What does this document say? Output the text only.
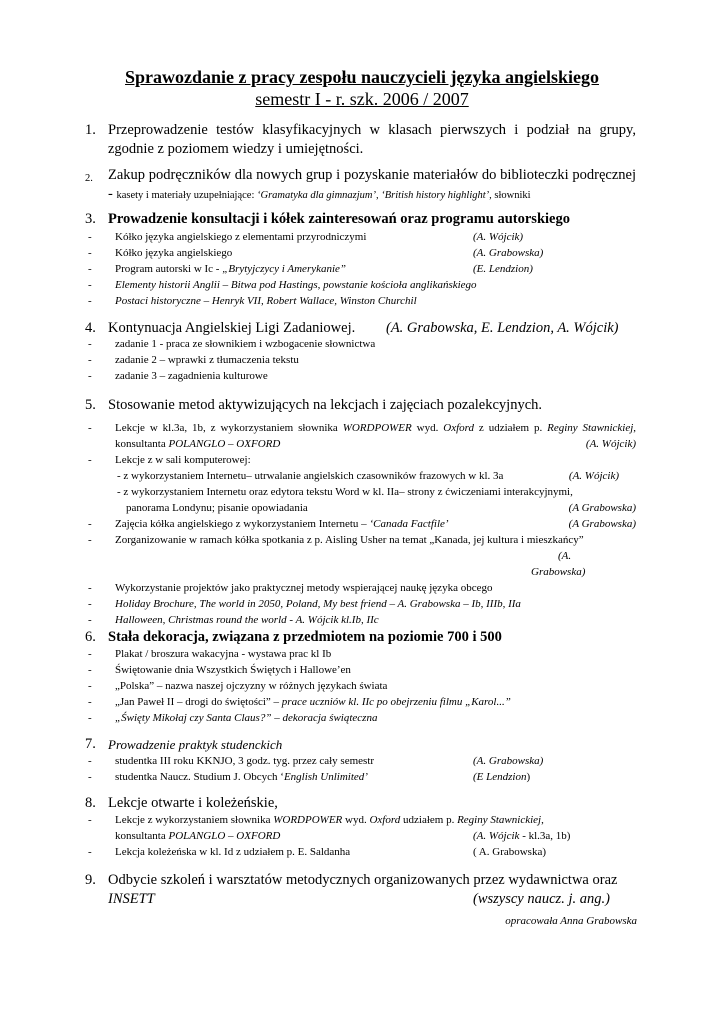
Sprawozdanie z pracy zespołu nauczycieli języka angielskiego
semestr I - r. szk. 2006 / 2007
1. Przeprowadzenie testów klasyfikacyjnych w klasach pierwszych i podział na grupy, zgodnie z poziomem wiedzy i umiejętności.
2. Zakup podręczników dla nowych grup i pozyskanie materiałów do biblioteczki podręcznej - kasety i materiały uzupełniające: ‘Gramatyka dla gimnazjum’, ‘British history highlight’, słowniki
3. Prowadzenie konsultacji i kółek zainteresowań oraz programu autorskiego
- Kółko języka angielskiego z elementami przyrodniczymi	(A. Wójcik)
- Kółko języka angielskiego	(A. Grabowska)
- Program autorski w Ic - „Brytyjczycy i Amerykanie”	(E. Lendzion)
- Elementy historii Anglii – Bitwa pod Hastings, powstanie kościoła anglikańskiego
- Postaci historyczne – Henryk VII, Robert Wallace, Winston Churchil
4. Kontynuacja Angielskiej Ligi Zadaniowej. (A. Grabowska, E. Lendzion, A. Wójcik)
- zadanie 1 - praca ze słownikiem i wzbogacenie słownictwa
- zadanie 2 – wprawki z tłumaczenia tekstu
- zadanie 3 – zagadnienia kulturowe
5. Stosowanie metod aktywizujących na lekcjach i zajęciach pozalekcyjnych.
- Lekcje w kl.3a, 1b, z wykorzystaniem słownika WORDPOWER wyd. Oxford z udziałem p. Reginy Stawnickiej, konsultanta POLANGLO – OXFORD	(A. Wójcik)
- Lekcje z w sali komputerowej:
- z wykorzystaniem Internetu– utrwalanie angielskich czasowników frazowych w kl. 3a	(A. Wójcik)
- z wykorzystaniem Internetu oraz edytora tekstu Word w kl. IIa– strony z ćwiczeniami interakcyjnymi,
panorama Londynu; pisanie opowiadania	(A Grabowska)
- Zajęcia kółka angielskiego z wykorzystaniem Internetu – ‘Canada Factfile’	(A Grabowska)
- Zorganizowanie w ramach kółka spotkania z p. Aisling Usher na temat „Kanada, jej kultura i mieszkańcy”
(A.
Grabowska)
- Wykorzystanie projektów jako praktycznej metody wspierającej naukę języka obcego
- Holiday Brochure, The world in 2050, Poland, My best friend – A. Grabowska – Ib, IIIb, IIa
- Halloween, Christmas round the world - A. Wójcik kl.Ib, IIc
6. Stała dekoracja, związana z przedmiotem na poziomie 700 i 500
- Plakat / broszura wakacyjna - wystawa prac kl Ib
- Świętowanie dnia Wszystkich Świętych i Hallowe’en
- „Polska” – nazwa naszej ojczyzny w różnych językach świata
- „Jan Paweł II – drogi do świętości” – prace uczniów kl. IIc po obejrzeniu filmu „Karol...”
- „Święty Mikołaj czy Santa Claus?” – dekoracja świąteczna
7. Prowadzenie praktyk studenckich
- studentka III roku KKNJO, 3 godz. tyg. przez cały semestr	(A. Grabowska)
- studentka Naucz. Studium J. Obcych ‘English Unlimited’	(E Lendzion)
8. Lekcje otwarte i koleżeńskie,
- Lekcje z wykorzystaniem słownika WORDPOWER wyd. Oxford udziałem p. Reginy Stawnickiej,
konsultanta POLANGLO – OXFORD	(A. Wójcik - kl.3a, 1b)
- Lekcja koleżeńska w kl. Id z udziałem p. E. Saldanha	( A. Grabowska)
9. Odbycie szkoleń i warsztatów metodycznych organizowanych przez wydawnictwa oraz
INSETT	(wszyscy naucz. j. ang.)
opracowała Anna Grabowska
